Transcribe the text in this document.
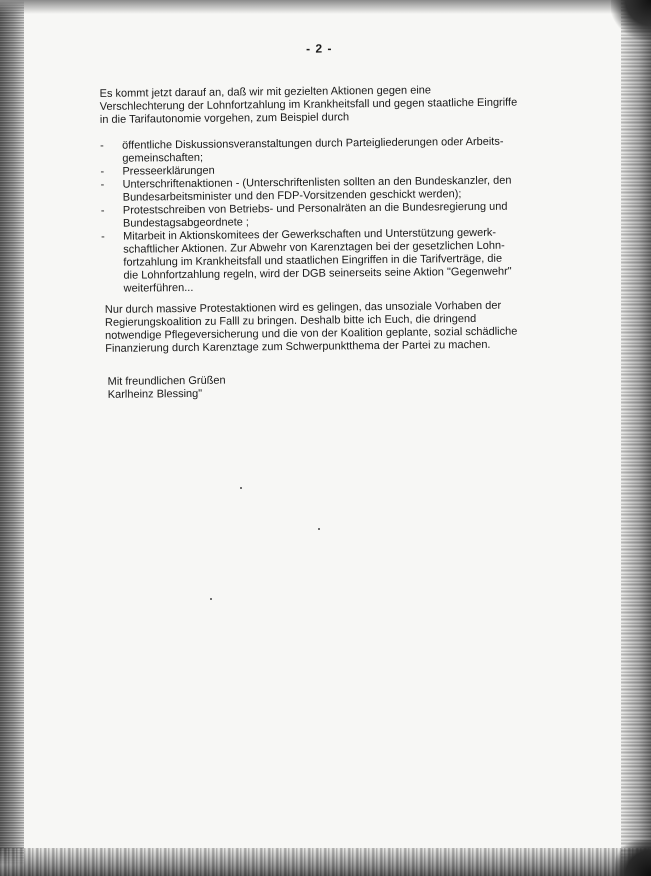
- 2 -

Es kommt jetzt darauf an, daß wir mit gezielten Aktionen gegen eine

Verschlechterung der Lohnfortzahlung im Krankheitsfall und gegen staatliche Eingriffe

in die Tarifautonomie vorgehen, zum Beispiel durch

- öffentliche Diskussionsveranstaltungen durch Parteigliederungen oder Arbeits-
gemeinschaften;
- Presseerklärungen
- Unterschriftenaktionen - (Unterschriftenlisten sollten an den Bundeskanzler, den
Bundesarbeitsminister und den FDP-Vorsitzenden geschickt werden);
- Protestschreiben von Betriebs- und Personalräten an die Bundesregierung und
Bundestagsabgeordnete ;
- Mitarbeit in Aktionskomitees der Gewerkschaften und Unterstützung gewerk-
schaftlicher Aktionen. Zur Abwehr von Karenztagen bei der gesetzlichen Lohn-
fortzahlung im Krankheitsfall und staatlichen Eingriffen in die Tarifverträge, die
die Lohnfortzahlung regeln, wird der DGB seinerseits seine Aktion "Gegenwehr"
weiterführen...

Nur durch massive Protestaktionen wird es gelingen, das unsoziale Vorhaben der

Regierungskoalition zu Falll zu bringen. Deshalb bitte ich Euch, die dringend

notwendige Pflegeversicherung und die von der Koalition geplante, sozial schädliche

Finanzierung durch Karenztage zum Schwerpunktthema der Partei zu machen.

Mit freundlichen Grüßen

Karlheinz Blessing"
